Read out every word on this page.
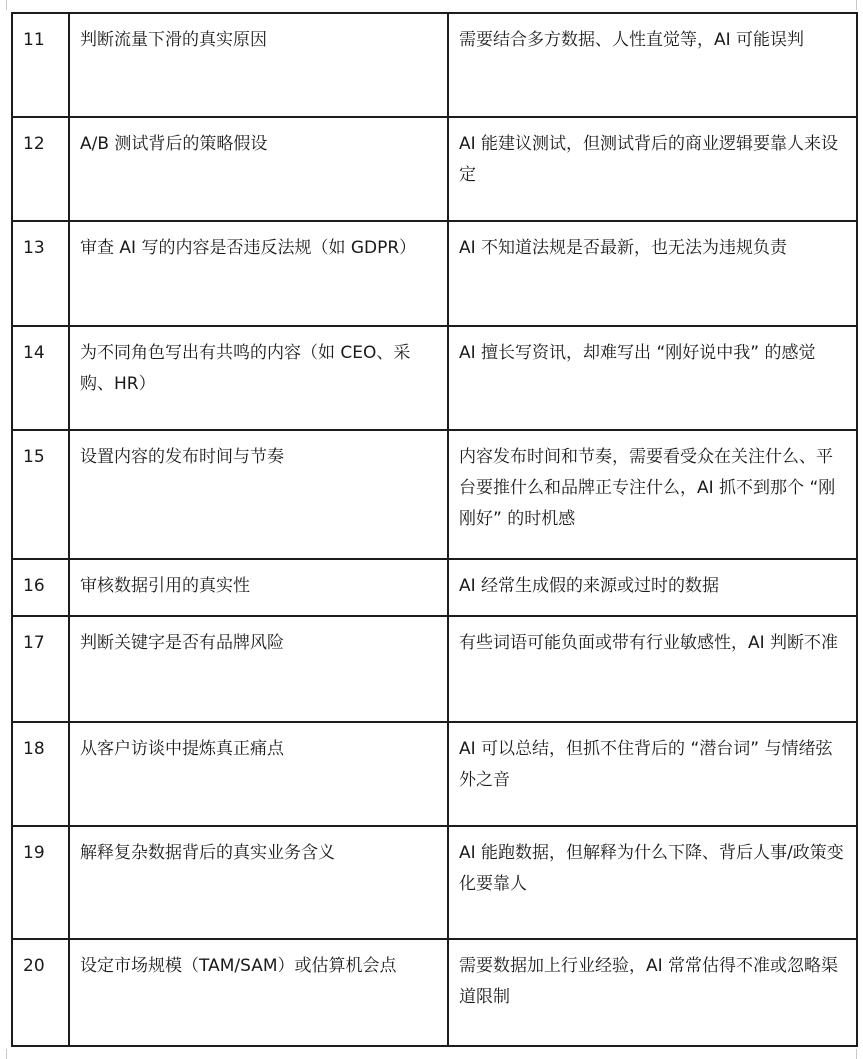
11	判断流量下滑的真实原因	需要结合多方数据、人性直觉等，AI 可能误判
12	A/B 测试背后的策略假设	AI 能建议测试，但测试背后的商业逻辑要靠人来设定
13	审查 AI 写的内容是否违反法规（如 GDPR）	AI 不知道法规是否最新，也无法为违规负责
14	为不同角色写出有共鸣的内容（如 CEO、采购、HR）	AI 擅长写资讯，却难写出 “刚好说中我” 的感觉
15	设置内容的发布时间与节奏	内容发布时间和节奏，需要看受众在关注什么、平台要推什么和品牌正专注什么，AI 抓不到那个 “刚刚好” 的时机感
16	审核数据引用的真实性	AI 经常生成假的来源或过时的数据
17	判断关键字是否有品牌风险	有些词语可能负面或带有行业敏感性，AI 判断不准
18	从客户访谈中提炼真正痛点	AI 可以总结，但抓不住背后的 “潜台词” 与情绪弦外之音
19	解释复杂数据背后的真实业务含义	AI 能跑数据，但解释为什么下降、背后人事/政策变化要靠人
20	设定市场规模（TAM/SAM）或估算机会点	需要数据加上行业经验，AI 常常估得不准或忽略渠道限制
